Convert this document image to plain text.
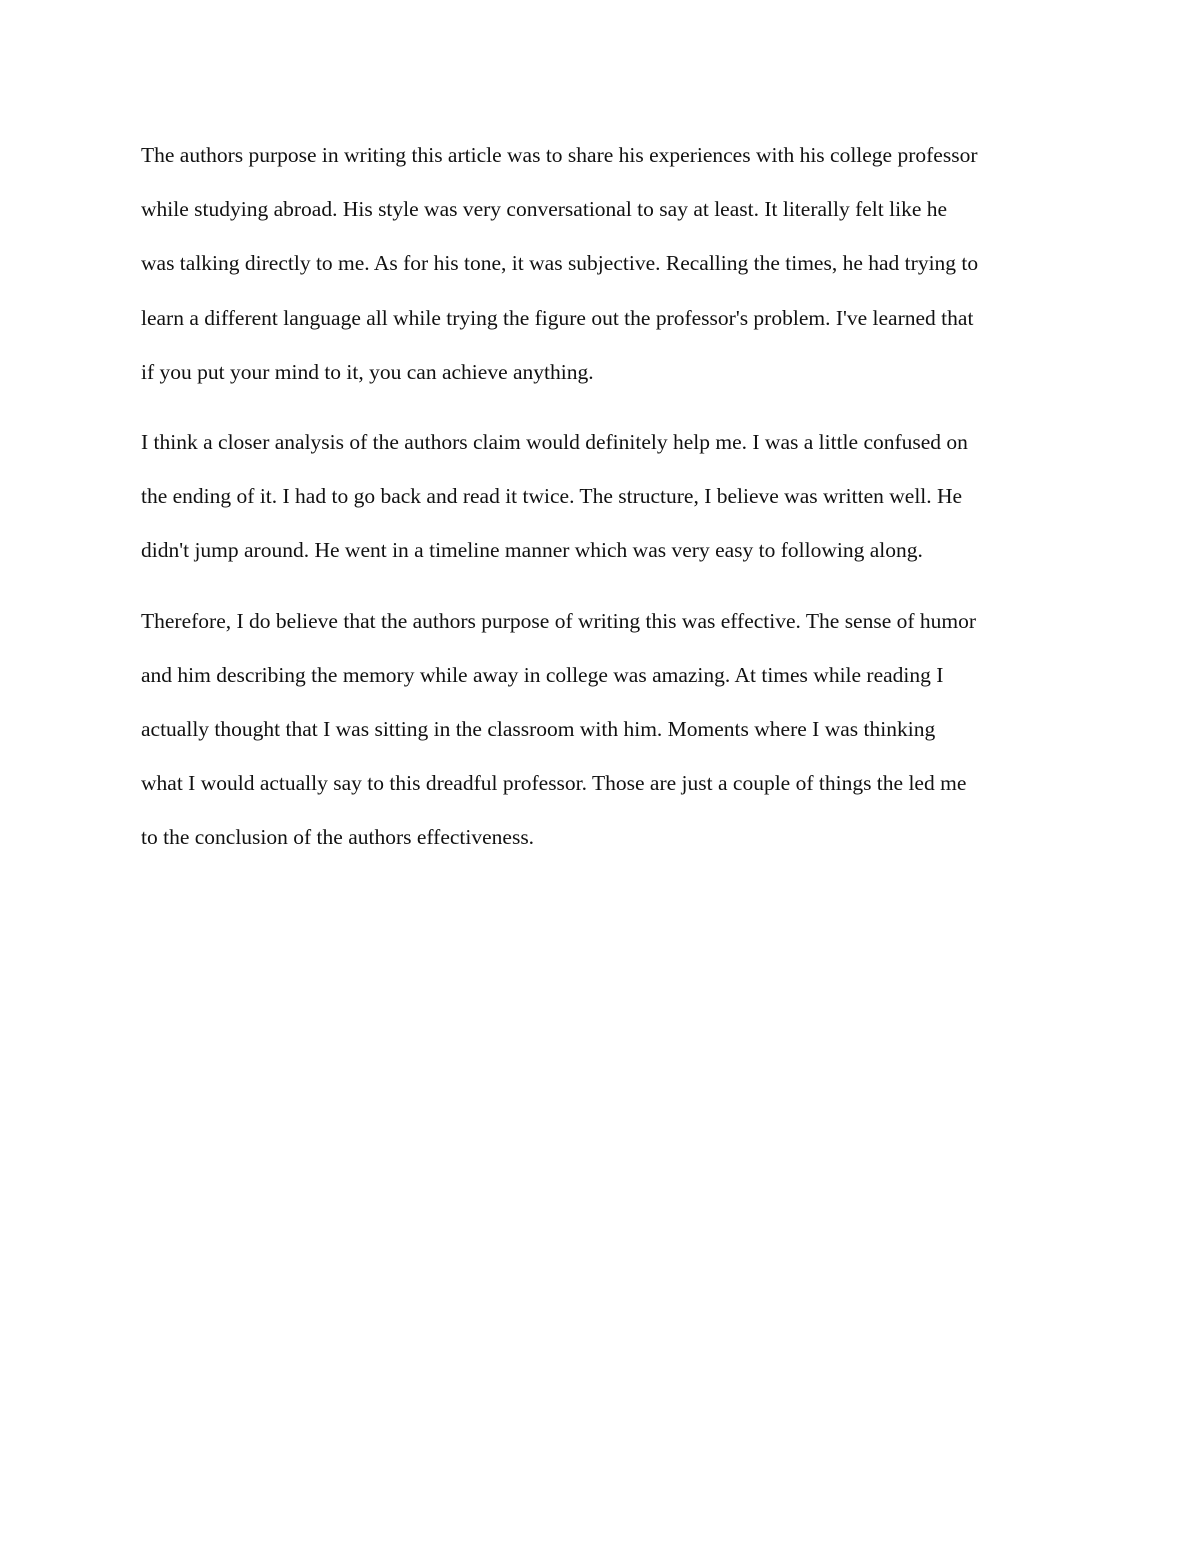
The authors purpose in writing this article was to share his experiences with his college professor
while studying abroad. His style was very conversational to say at least. It literally felt like he
was talking directly to me. As for his tone, it was subjective. Recalling the times, he had trying to
learn a different language all while trying the figure out the professor's problem. I've learned that
if you put your mind to it, you can achieve anything.

I think a closer analysis of the authors claim would definitely help me. I was a little confused on
the ending of it. I had to go back and read it twice. The structure, I believe was written well. He
didn't jump around. He went in a timeline manner which was very easy to following along.

Therefore, I do believe that the authors purpose of writing this was effective. The sense of humor
and him describing the memory while away in college was amazing. At times while reading I
actually thought that I was sitting in the classroom with him. Moments where I was thinking
what I would actually say to this dreadful professor. Those are just a couple of things the led me
to the conclusion of the authors effectiveness.
